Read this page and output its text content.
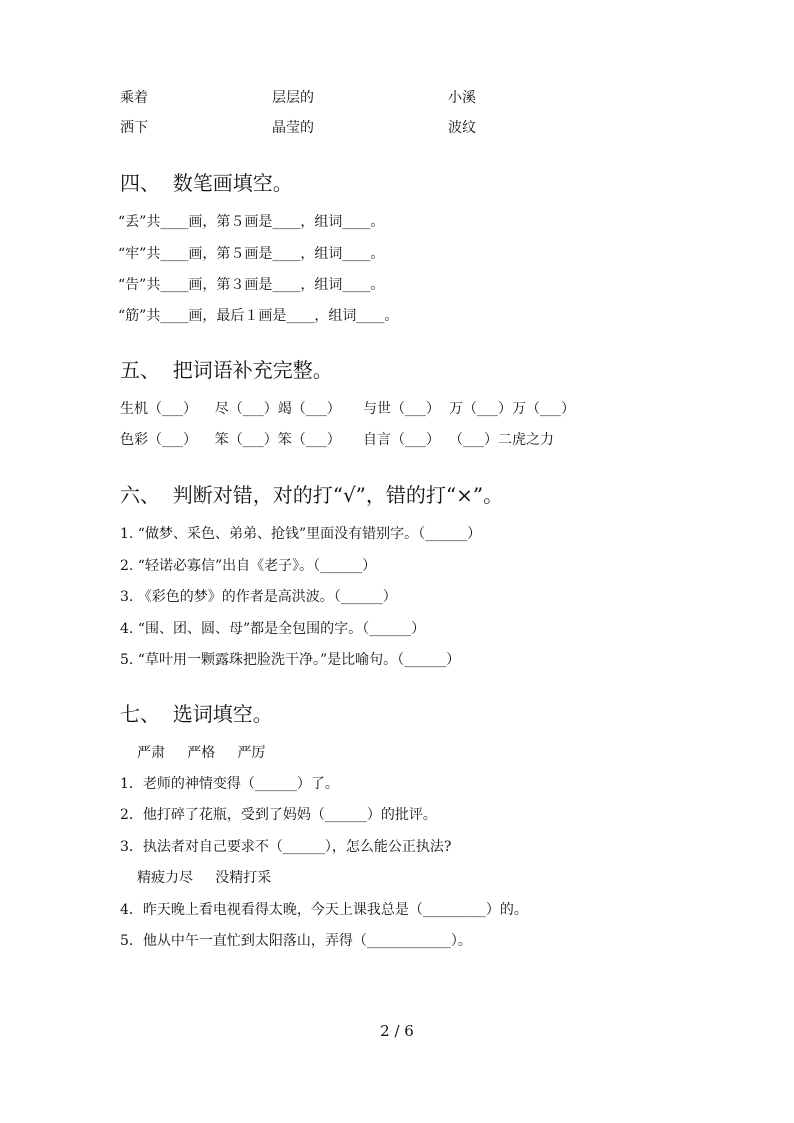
乘着	层层的	小溪
洒下	晶莹的	波纹
四、  数笔画填空。
“丢”共____画，第５画是____，组词____。
“牢”共____画，第５画是____，组词____。
“告”共____画，第３画是____，组词____。
“筋”共____画，最后１画是____，组词____。
五、  把词语补充完整。
生机（___）    尽（___）竭（___）     与世（___）  万（___）万（___）
色彩（___）    笨（___）笨（___）     自言（___）  （___）二虎之力
六、  判断对错，对的打“√”，错的打“×”。
1. “做梦、采色、弟弟、抢钱”里面没有错别字。（______）
2. “轻诺必寡信”出自《老子》。（______）
3. 《彩色的梦》的作者是高洪波。（______）
4. “围、团、圆、母”都是全包围的字。（______）
5. “草叶用一颗露珠把脸洗干净。”是比喻句。（______）
七、  选词填空。
严肃     严格     严厉
1．老师的神情变得（______）了。
2．他打碎了花瓶，受到了妈妈（______）的批评。
3．执法者对自己要求不（______），怎么能公正执法?
精疲力尽     没精打采
4．昨天晚上看电视看得太晚，今天上课我总是（_________）的。
5．他从中午一直忙到太阳落山，弄得（____________）。
2 / 6
